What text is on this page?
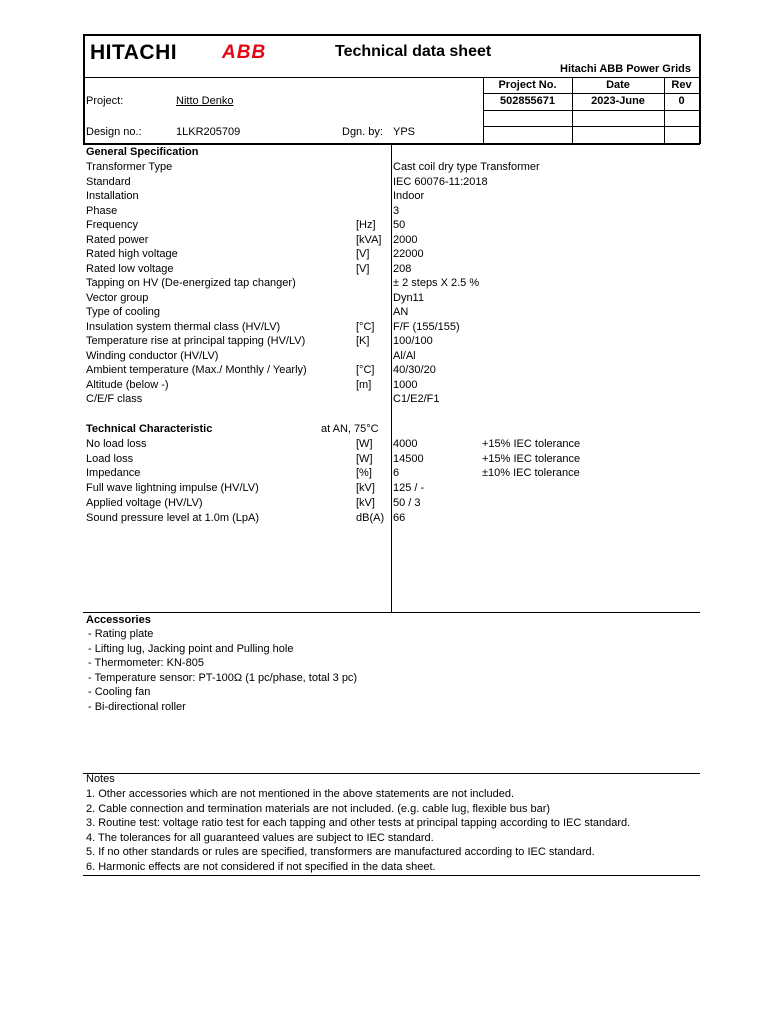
HITACHI ABB	Technical data sheet
Hitachi ABB Power Grids
Project No.	Date	Rev
502855671	2023-June	0
Project:	Nitto Denko
Design no.:	1LKR205709	Dgn. by: YPS
General Specification
Transformer Type	Cast coil dry type Transformer
Standard	IEC 60076-11:2018
Installation	Indoor
Phase	3
Frequency	[Hz] 50
Rated power	[kVA] 2000
Rated high voltage	[V] 22000
Rated low voltage	[V] 208
Tapping on HV (De-energized tap changer)	± 2 steps X 2.5 %
Vector group	Dyn11
Type of cooling	AN
Insulation system thermal class (HV/LV)	[°C] F/F (155/155)
Temperature rise at principal tapping (HV/LV)	[K] 100/100
Winding conductor (HV/LV)	Al/Al
Ambient temperature (Max./ Monthly / Yearly)	[°C] 40/30/20
Altitude (below -)	[m] 1000
C/E/F class	C1/E2/F1
Technical Characteristic	at AN, 75°C
No load loss	[W] 4000	+15% IEC tolerance
Load loss	[W] 14500	+15% IEC tolerance
Impedance	[%] 6	±10% IEC tolerance
Full wave lightning impulse (HV/LV)	[kV] 125 / -
Applied voltage (HV/LV)	[kV] 50 / 3
Sound pressure level at 1.0m (LpA)	dB(A) 66
Accessories
- Rating plate
- Lifting lug, Jacking point and Pulling hole
- Thermometer: KN-805
- Temperature sensor: PT-100Ω (1 pc/phase, total 3 pc)
- Cooling fan
- Bi-directional roller
Notes
1. Other accessories which are not mentioned in the above statements are not included.
2. Cable connection and termination materials are not included. (e.g. cable lug, flexible bus bar)
3. Routine test: voltage ratio test for each tapping and other tests at principal tapping according to IEC standard.
4. The tolerances for all guaranteed values are subject to IEC standard.
5. If no other standards or rules are specified, transformers are manufactured according to IEC standard.
6. Harmonic effects are not considered if not specified in the data sheet.
